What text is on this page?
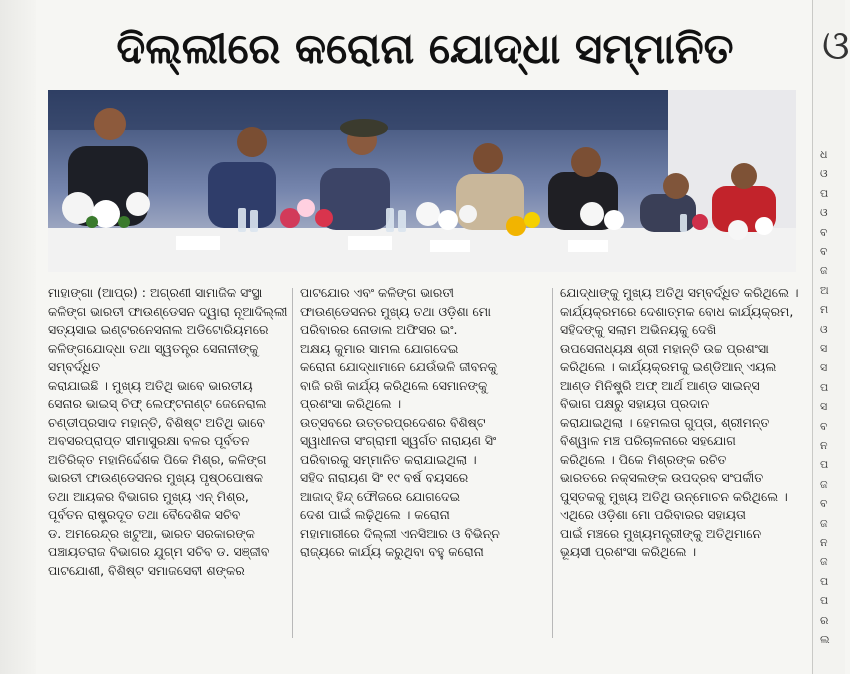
ଦିଲ୍ଲୀରେ କରୋନା ଯୋଦ୍ଧା ସମ୍ମାନିତ

ମାହାଙ୍ଗା (ଆପ୍ର) : ଅଗ୍ରଣୀ ସାମାଜିକ ସଂସ୍ଥା
କଳିଙ୍ଗ ଭାରତୀ ଫାଉଣ୍ଡେସନ ଦ୍ୱାରା ନୂଆଦିଲ୍ଲୀ
ସତ୍ୟସାଇ ଇଣ୍ଟରନେସନାଲ ଅଡିଟୋରିୟମରେ
କଳିଙ୍ଗଯୋଦ୍ଧା ତଥା ସ୍ୱତନ୍ତ୍ର ସେନାନୀଙ୍କୁ ସମ୍ବର୍ଦ୍ଧିତ
କରାଯାଇଛି । ମୁଖ୍ୟ ଅତିଥି ଭାବେ ଭାରତୀୟ
ସେନାର ଭାଇସ୍ ଚିଫ୍ ଲେଫ୍ଟନାଣ୍ଟ ଜେନେରାଲ
ଚଣ୍ଡୀପ୍ରସାଦ ମହାନ୍ତି, ବିଶିଷ୍ଟ ଅତିଥି ଭାବେ
ଅବସରପ୍ରାପ୍ତ ସୀମାସୁରକ୍ଷା ବଳର ପୂର୍ବତନ
ଅତିରିକ୍ତ ମହାନିର୍ଦ୍ଦେଶକ ପିକେ ମିଶ୍ର, କଳିଙ୍ଗ
ଭାରତୀ ଫାଉଣ୍ଡେସନର ମୁଖ୍ୟ ପୃଷ୍ଠପୋଷକ
ତଥା ଆୟକର ବିଭାଗର ମୁଖ୍ୟ ଏନ୍ ମିଶ୍ର,
ପୂର୍ବତନ ରାଷ୍ଟ୍ରଦୂତ ତଥା ବୈଦେଶିକ ସଚିବ
ଡ. ଅମରେନ୍ଦ୍ର ଖଟୁଆ, ଭାରତ ସରକାରଙ୍କ
ପଞ୍ଚାୟତରାଜ ବିଭାଗର ଯୁଗ୍ମ ସଚିବ ଡ. ସଞ୍ଜୀବ
ପାଟଯୋଶୀ, ବିଶିଷ୍ଟ ସମାଜସେବୀ ଶଙ୍କର

ପାଟଯୋର ଏବଂ କଳିଙ୍ଗ ଭାରତୀ
ଫାଉଣ୍ଡେସନର ମୁଖ୍ୟ ତଥା ଓଡ଼ିଶା ମୋ
ପରିବାରର ନୋଡାଲ ଅଫିସର ଇଂ.
ଅକ୍ଷୟ କୁମାର ସାମଲ ଯୋଗଦେଇ
କରୋନା ଯୋଦ୍ଧାମାନେ ଯେଉଁଭଳି ଜୀବନକୁ
ବାଜି ରଖି କାର୍ଯ୍ୟ କରିଥିଲେ ସେମାନଙ୍କୁ
ପ୍ରଶଂସା କରିଥିଲେ ।
ଉତ୍ସବରେ ଉତ୍ତରପ୍ରଦେଶର ବିଶିଷ୍ଟ
ସ୍ୱାଧୀନତା ସଂଗ୍ରାମୀ ସ୍ୱର୍ଗତ ନାରାୟଣ ସିଂ
ପରିବାରକୁ ସମ୍ମାନିତ କରାଯାଇଥିଲା ।
ସହିଦ ନାରାୟଣ ସିଂ ୧୯ ବର୍ଷ ବୟସରେ
ଆଜାଦ୍ ହିନ୍ଦ୍ ଫୌଜରେ ଯୋଗଦେଇ
ଦେଶ ପାଇଁ ଲଢ଼ିଥିଲେ । କରୋନା
ମହାମାରୀରେ ଦିଲ୍ଲୀ ଏନସିଆର ଓ ବିଭିନ୍ନ
ରାଜ୍ୟରେ କାର୍ଯ୍ୟ କରୁଥିବା ବହୁ କରୋନା

ଯୋଦ୍ଧାଙ୍କୁ ମୁଖ୍ୟ ଅତିଥି ସମ୍ବର୍ଦ୍ଧିତ କରିଥିଲେ ।
କାର୍ଯ୍ୟକ୍ରମରେ ଦେଶାତ୍ମକ ବୋଧ କାର୍ଯ୍ୟକ୍ରମ,
ସହିଦଙ୍କୁ ସଲାମ ଅଭିନୟକୁ ଦେଖି
ଉପସେନାଧ୍ୟକ୍ଷ ଶ୍ରୀ ମହାନ୍ତି ଉଚ୍ଚ ପ୍ରଶଂସା
କରିଥିଲେ । କାର୍ଯ୍ୟକ୍ରମକୁ ଇଣ୍ଡିଆନ୍ ଏୟଲ
ଆଣ୍ଡ ମିନିଷ୍ଟ୍ରି ଅଫ୍ ଆର୍ଥ ଆଣ୍ଡ ସାଇନ୍ସ
ବିଭାଗ ପକ୍ଷରୁ ସହାୟତା ପ୍ରଦାନ
କରାଯାଇଥିଲା । ହେମଲତା ଗୁପ୍ତା, ଶ୍ରୀମନ୍ତ
ବିଶ୍ୱାଳ ମଞ୍ଚ ପରିଚାଳନାରେ ସହଯୋଗ
କରିଥିଲେ । ପିକେ ମିଶ୍ରଙ୍କ ରଚିତ
ଭାରତରେ ନକ୍ସଲଙ୍କ ଉପଦ୍ରବ ସଂପର୍କୀତ
ପୁସ୍ତକକୁ ମୁଖ୍ୟ ଅତିଥି ଉନ୍ମୋଚନ କରିଥିଲେ ।
ଏଥିରେ ଓଡ଼ିଶା ମୋ ପରିବାରର ସହାୟତା
ପାଇଁ ମଞ୍ଚରେ ମୁଖ୍ୟମନ୍ତ୍ରୀଙ୍କୁ ଅତିଥିମାନେ
ଭୂୟସୀ ପ୍ରଶଂସା କରିଥିଲେ ।

ଓ
ଧ
ଓ
ପ
ଓ
ବ
ବ
ଜ
ଅ
ମ
ଓ
ସ
ସ
ପ
ସ
ବ
ନ
ପ
ଜ
ବ
ଜ
ନ
ଜ
ପ
ପ
ର
ଲ
